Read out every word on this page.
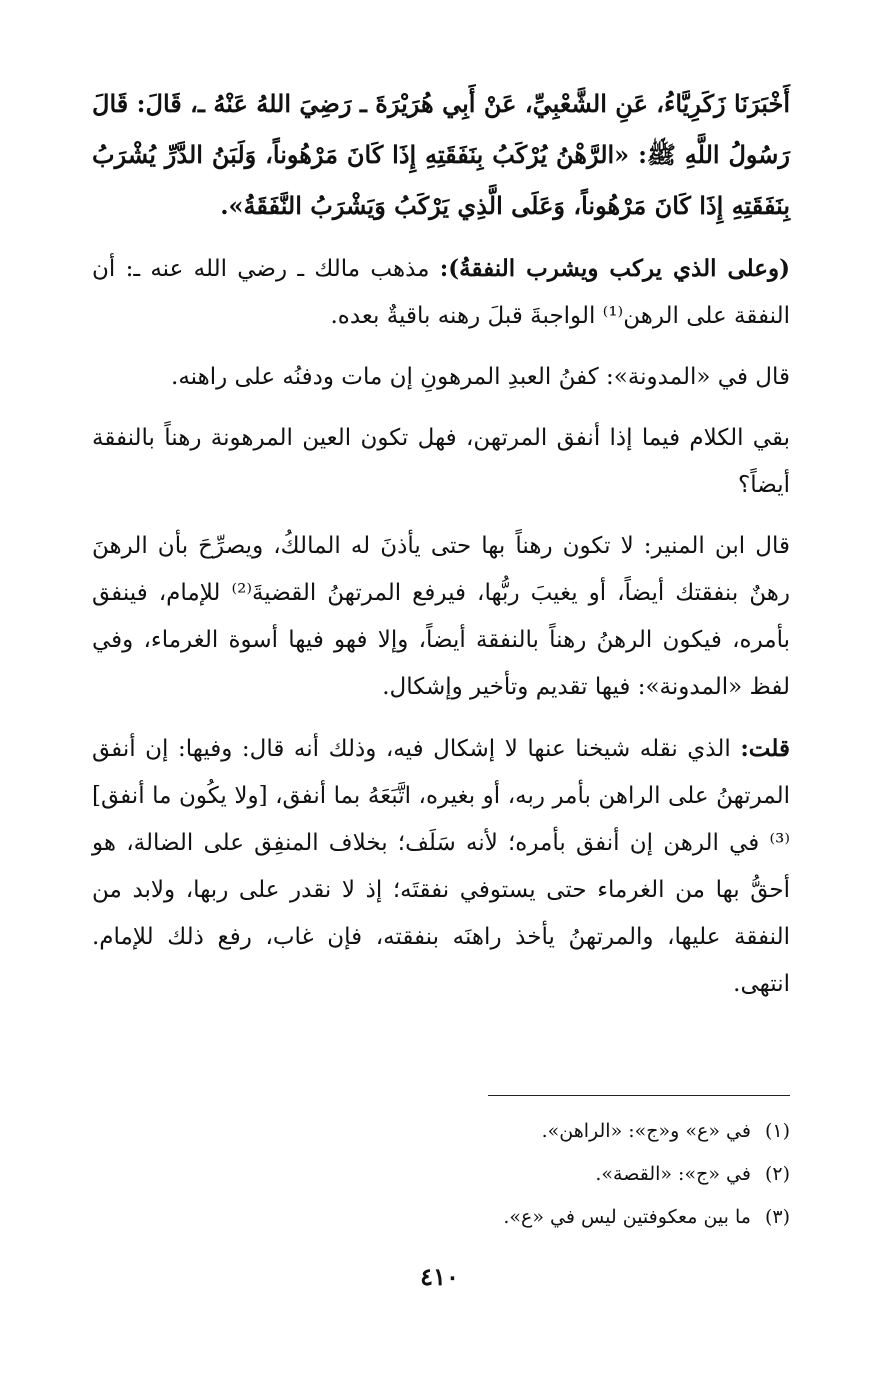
أَخْبَرَنَا زَكَرِيَّاءُ، عَنِ الشَّعْبِيِّ، عَنْ أَبِي هُرَيْرَةَ ـ رَضِيَ اللهُ عَنْهُ ـ، قَالَ: قَالَ رَسُولُ اللَّهِ ﷺ: «الرَّهْنُ يُرْكَبُ بِنَفَقَتِهِ إِذَا كَانَ مَرْهُوناً، وَلَبَنُ الدَّرِّ يُشْرَبُ بِنَفَقَتِهِ إِذَا كَانَ مَرْهُوناً، وَعَلَى الَّذِي يَرْكَبُ وَيَشْرَبُ النَّفَقَةُ».

(وعلى الذي يركب ويشرب النفقةُ): مذهب مالك ـ رضي الله عنه ـ: أن النفقة على الرهن⁽¹⁾ الواجبةَ قبلَ رهنه باقيةٌ بعده.

قال في «المدونة»: كفنُ العبدِ المرهونِ إن مات ودفنُه على راهنه.

بقي الكلام فيما إذا أنفق المرتهن، فهل تكون العين المرهونة رهناً بالنفقة أيضاً؟

قال ابن المنير: لا تكون رهناً بها حتى يأذنَ له المالكُ، ويصرِّحَ بأن الرهنَ رهنٌ بنفقتك أيضاً، أو يغيبَ ربُّها، فيرفع المرتهنُ القضيةَ⁽²⁾ للإمام، فينفق بأمره، فيكون الرهنُ رهناً بالنفقة أيضاً، وإلا فهو فيها أسوة الغرماء، وفي لفظ «المدونة»: فيها تقديم وتأخير وإشكال.

قلت: الذي نقله شيخنا عنها لا إشكال فيه، وذلك أنه قال: وفيها: إن أنفق المرتهنُ على الراهن بأمر ربه، أو بغيره، اتَّبَعَهُ بما أنفق، [ولا يكُون ما أنفق]⁽³⁾ في الرهن إن أنفق بأمره؛ لأنه سَلَف؛ بخلاف المنفِق على الضالة، هو أحقُّ بها من الغرماء حتى يستوفي نفقتَه؛ إذ لا نقدر على ربها، ولابد من النفقة عليها، والمرتهنُ يأخذ راهنَه بنفقته، فإن غاب، رفع ذلك للإمام. انتهى.

(١)في «ع» و«ج»: «الراهن».
(٢)في «ج»: «القصة».
(٣)ما بين معكوفتين ليس في «ع».
٤١٠
